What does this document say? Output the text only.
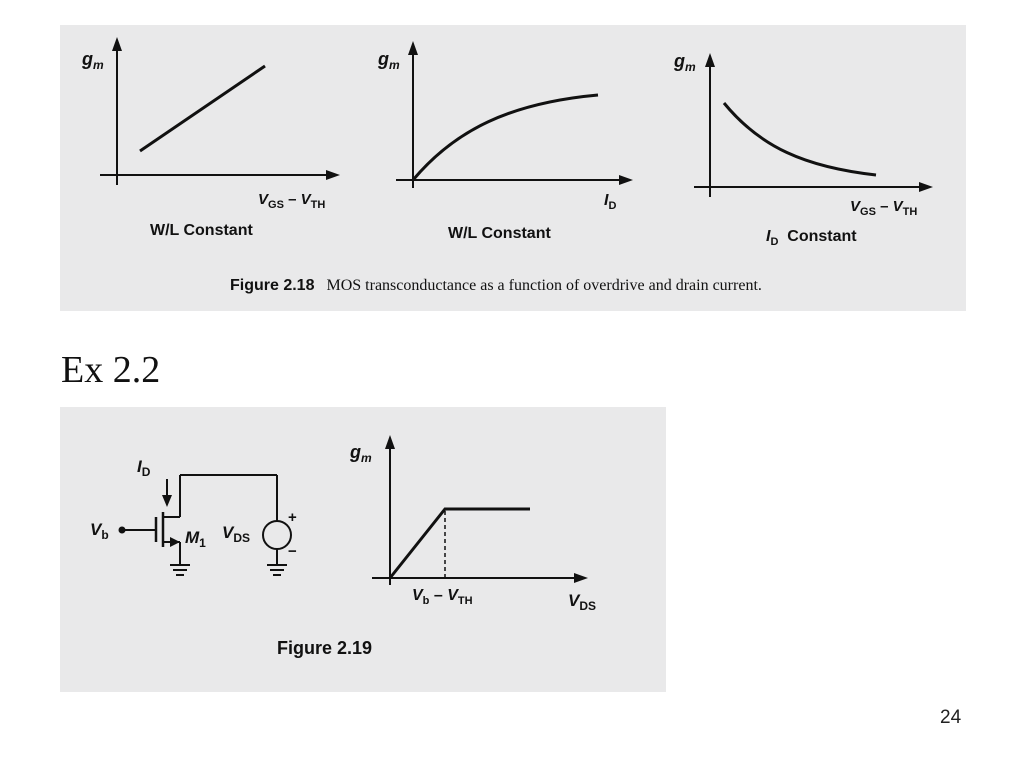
$g_m$
$V_{GS} - V_{TH}$
W/L Constant
$g_m$
$I_D$
W/L Constant
$g_m$
$V_{GS} - V_{TH}$
$I_D$  Constant
Figure 2.18 MOS transconductance as a function of overdrive and drain current.
Ex 2.2
$I_D$
$V_b$	$M_1$
+
−
$V_{DS}$
$g_m$
$V_b - V_{TH}$	$V_{DS}$
Figure 2.19
24
